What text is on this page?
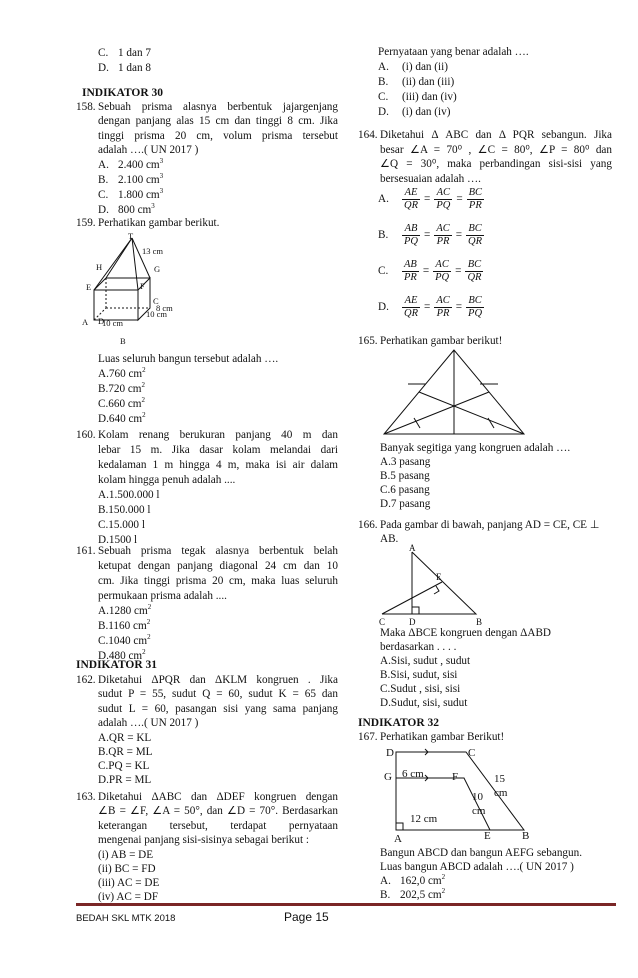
C. 1 dan 7
D. 1 dan 8
INDIKATOR 30
158. Sebuah prisma alasnya berbentuk jajargenjang
dengan panjang alas 15 cm dan tinggi 8 cm. Jika
tinggi prisma 20 cm, volum prisma tersebut
adalah ….( UN 2017 )
A. 2.400 $cm^3$
B. 2.100 $cm^3$
C. 1.800 $cm^3$
D. 800 $cm^3$
159. Perhatikan gambar berikut.
T
13 cm
H	G
E	F
C
8 cm
10 cm
A D
10 cm
B
Luas seluruh bangun tersebut adalah ….
A.760 $cm^2$
B.720 $cm^2$
C.660 $cm^2$
D.640 $cm^2$
160. Kolam renang berukuran panjang 40 m dan
lebar 15 m. Jika dasar kolam melandai dari
kedalaman 1 m hingga 4 m, maka isi air dalam
kolam hingga penuh adalah ....
A.1.500.000 l
B.150.000 l
C.15.000 l
D.1500 l
161. Sebuah prisma tegak alasnya berbentuk belah
ketupat dengan panjang diagonal 24 cm dan 10
cm. Jika tinggi prisma 20 cm, maka luas seluruh
permukaan prisma adalah ....
A.1280 $cm^2$
B.1160 $cm^2$
C.1040 $cm^2$
D.480 $cm^2$
INDIKATOR 31
162. Diketahui ΔPQR dan ΔKLM kongruen . Jika
sudut P = 55, sudut Q = 60, sudut K = 65 dan
sudut L = 60, pasangan sisi yang sama panjang
adalah ….( UN 2017 )
A.QR = KL
B.QR = ML
C.PQ = KL
D.PR = ML
163. Diketahui ΔABC dan ΔDEF kongruen dengan
∠B = ∠F, ∠A = 50°, dan ∠D = 70°. Berdasarkan
keterangan tersebut, terdapat pernyataan
mengenai panjang sisi-sisinya sebagai berikut :
(i) AB = DE
(ii) BC = FD
(iii) AC = DE
(iv) AC = DF
Pernyataan yang benar adalah ….
A. (i) dan (ii)
B. (ii) dan (iii)
C. (iii) dan (iv)
D. (i) dan (iv)
164. Diketahui Δ ABC dan Δ PQR sebangun. Jika
besar ∠A = 70⁰ , ∠C = 80⁰, ∠P = 80⁰ dan
∠Q = 30⁰, maka perbandingan sisi-sisi yang
bersesuaian adalah ….
A. $\frac{AE}{QR} = \frac{AC}{PQ} = \frac{BC}{PR}$
B. $\frac{AB}{PQ} = \frac{AC}{PR} = \frac{BC}{QR}$
C. $\frac{AB}{PR} = \frac{AC}{PQ} = \frac{BC}{QR}$
D. $\frac{AE}{QR} = \frac{AC}{PR} = \frac{BC}{PQ}$
165. Perhatikan gambar berikut!
Banyak segitiga yang kongruen adalah ….
A.3 pasang
B.5 pasang
C.6 pasang
D.7 pasang
166. Pada gambar di bawah, panjang AD = CE, CE ⊥
AB.
A
E
C	D	B
Maka ΔBCE kongruen dengan ΔABD
berdasarkan . . . .
A.Sisi, sudut , sudut
B.Sisi, sudut, sisi
C.Sudut , sisi, sisi
D.Sudut, sisi, sudut
INDIKATOR 32
167. Perhatikan gambar Berikut!
D	C
G 6 cm	F	15
cm
10
cm
12 cm
A	E	B
Bangun ABCD dan bangun AEFG sebangun.
Luas bangun ABCD adalah ….( UN 2017 )
A. 162,0 $cm^2$
B. 202,5 $cm^2$
BEDAH SKL MTK 2018	Page 15
